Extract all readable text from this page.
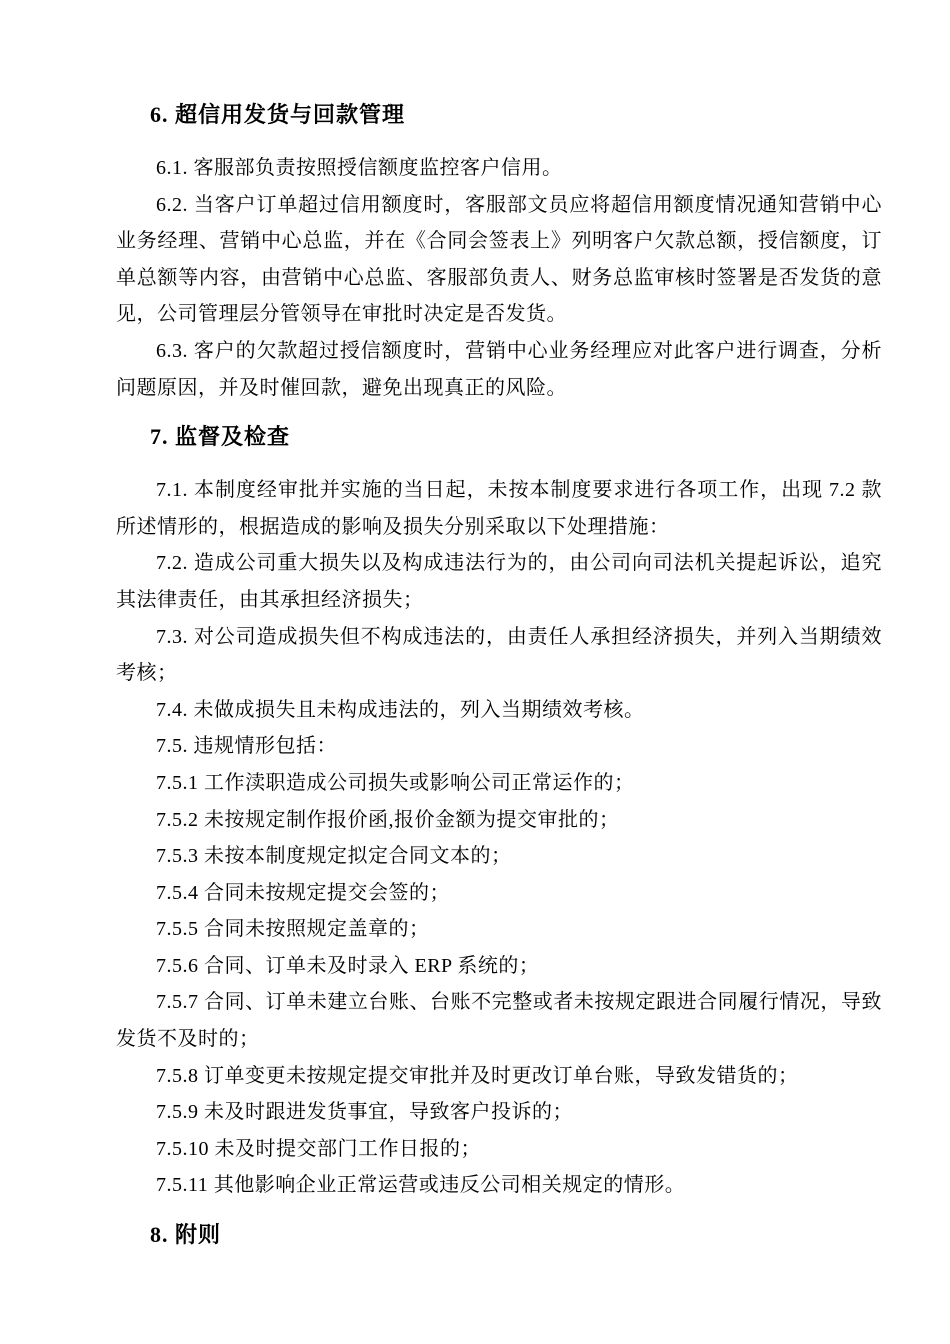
6. 超信用发货与回款管理

6.1. 客服部负责按照授信额度监控客户信用。

6.2. 当客户订单超过信用额度时，客服部文员应将超信用额度情况通知营销中心业务经理、营销中心总监，并在《合同会签表上》列明客户欠款总额，授信额度，订单总额等内容，由营销中心总监、客服部负责人、财务总监审核时签署是否发货的意见，公司管理层分管领导在审批时决定是否发货。

6.3. 客户的欠款超过授信额度时，营销中心业务经理应对此客户进行调查，分析问题原因，并及时催回款，避免出现真正的风险。

7. 监督及检查

7.1. 本制度经审批并实施的当日起，未按本制度要求进行各项工作，出现 7.2 款所述情形的，根据造成的影响及损失分别采取以下处理措施：

7.2. 造成公司重大损失以及构成违法行为的，由公司向司法机关提起诉讼，追究其法律责任，由其承担经济损失；

7.3. 对公司造成损失但不构成违法的，由责任人承担经济损失，并列入当期绩效考核；

7.4. 未做成损失且未构成违法的，列入当期绩效考核。

7.5. 违规情形包括：

7.5.1 工作渎职造成公司损失或影响公司正常运作的；

7.5.2 未按规定制作报价函,报价金额为提交审批的；

7.5.3 未按本制度规定拟定合同文本的；

7.5.4 合同未按规定提交会签的；

7.5.5 合同未按照规定盖章的；

7.5.6 合同、订单未及时录入 ERP 系统的；

7.5.7 合同、订单未建立台账、台账不完整或者未按规定跟进合同履行情况，导致发货不及时的；

7.5.8 订单变更未按规定提交审批并及时更改订单台账，导致发错货的；

7.5.9 未及时跟进发货事宜，导致客户投诉的；

7.5.10 未及时提交部门工作日报的；

7.5.11 其他影响企业正常运营或违反公司相关规定的情形。

8. 附则
